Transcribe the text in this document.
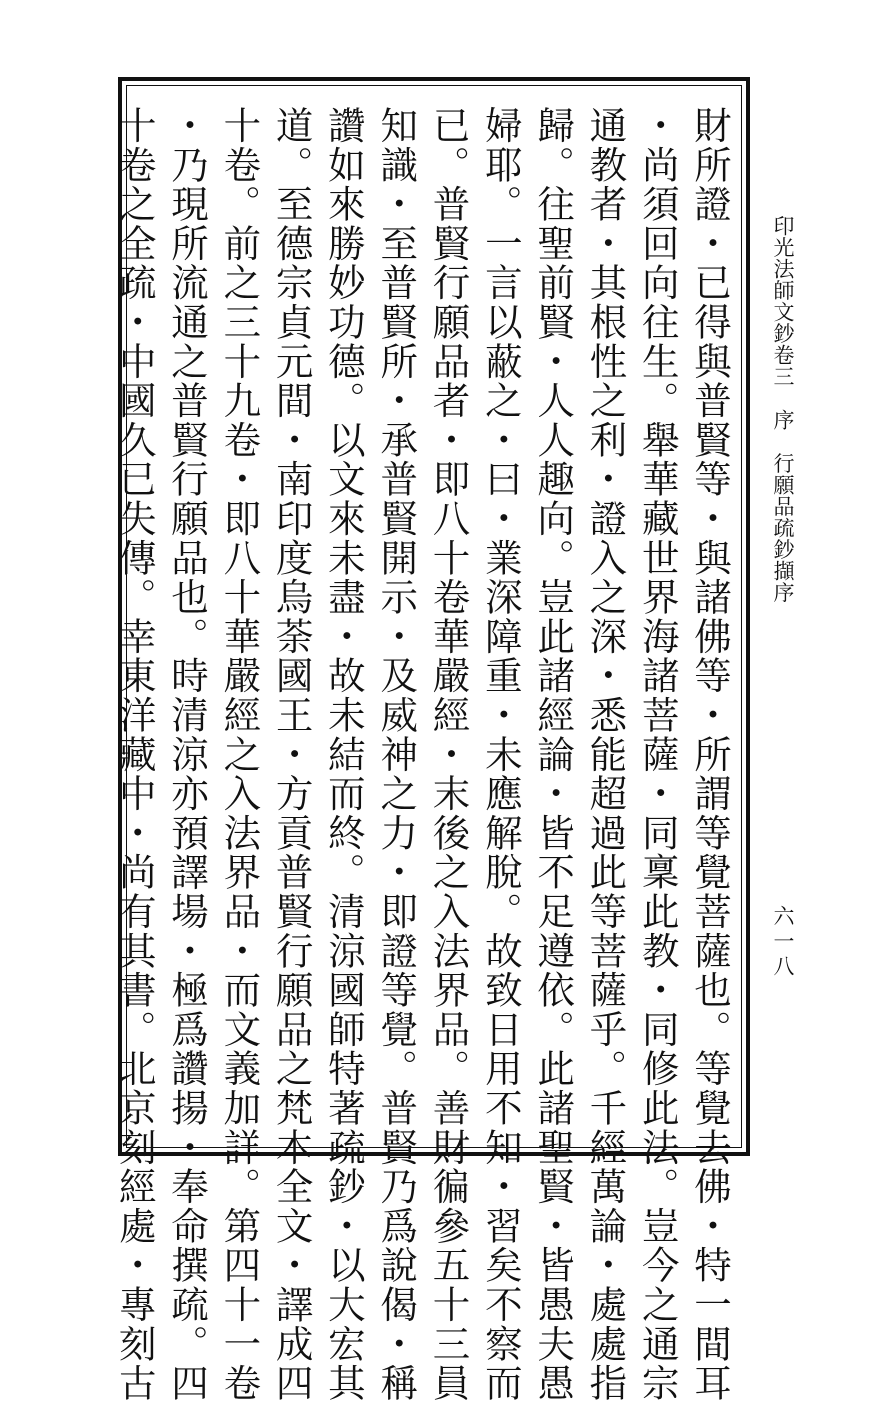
印光法師文鈔卷三序行願品疏鈔擷序
六一八
財所證・已得與普賢等・與諸佛等・所謂等覺菩薩也。等覺去佛・特一間耳
・尚須回向往生。舉華藏世界海諸菩薩・同稟此教・同修此法。豈今之通宗
通教者・其根性之利・證入之深・悉能超過此等菩薩乎。千經萬論・處處指
歸。往聖前賢・人人趣向。豈此諸經論・皆不足遵依。此諸聖賢・皆愚夫愚
婦耶。一言以蔽之・曰・業深障重・未應解脫。故致日用不知・習矣不察而
已。普賢行願品者・即八十卷華嚴經・末後之入法界品。善財徧參五十三員
知識・至普賢所・承普賢開示・及威神之力・即證等覺。普賢乃爲說偈・稱
讚如來勝妙功德。以文來未盡・故未結而終。清涼國師特著疏鈔・以大宏其
道。至德宗貞元間・南印度烏荼國王・方貢普賢行願品之梵本全文・譯成四
十卷。前之三十九卷・即八十華嚴經之入法界品・而文義加詳。第四十一卷
・乃現所流通之普賢行願品也。時清涼亦預譯場・極爲讚揚・奉命撰疏。四
十卷之全疏・中國久已失傳。幸東洋藏中・尚有其書。北京刻經處・專刻古
